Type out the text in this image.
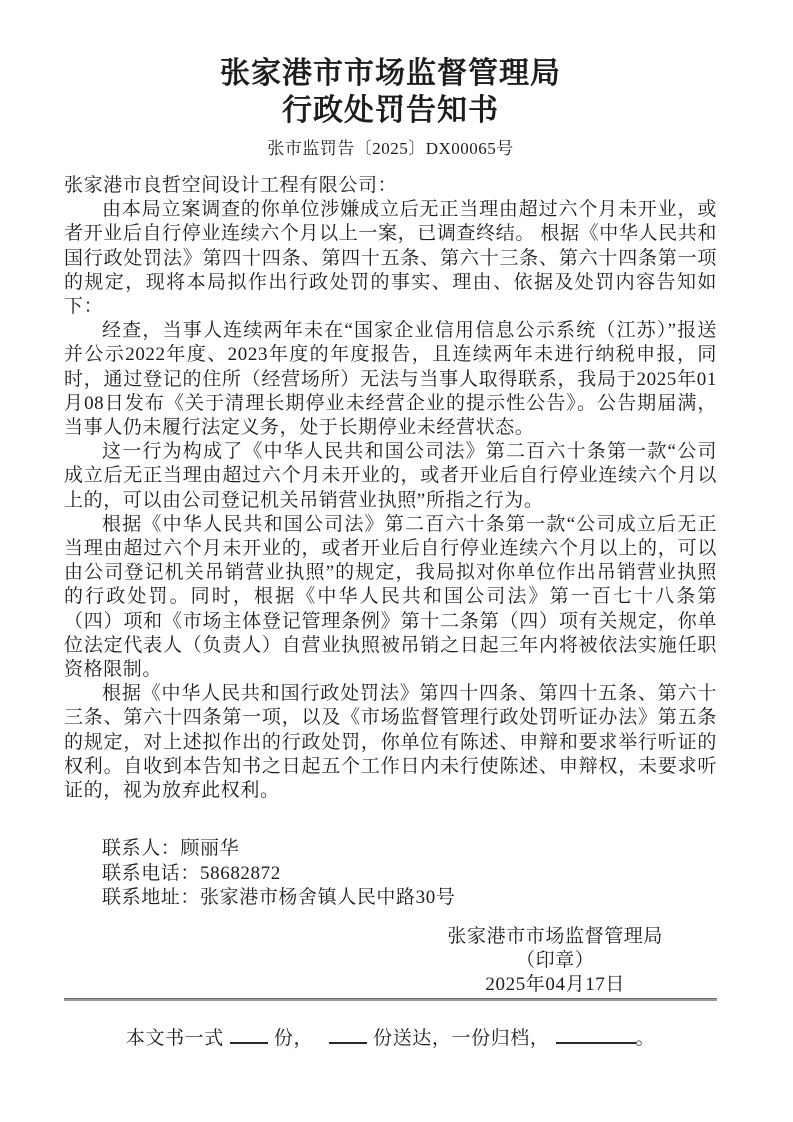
张家港市市场监督管理局
行政处罚告知书
张市监罚告〔2025〕DX00065号

张家港市良哲空间设计工程有限公司：

由本局立案调查的你单位涉嫌成立后无正当理由超过六个月未开业，或者开业后自行停业连续六个月以上一案，已调查终结。 根据《中华人民共和国行政处罚法》第四十四条、第四十五条、第六十三条、第六十四条第一项的规定，现将本局拟作出行政处罚的事实、理由、依据及处罚内容告知如下：

经查，当事人连续两年未在“国家企业信用信息公示系统（江苏）”报送并公示2022年度、2023年度的年度报告，且连续两年未进行纳税申报，同时，通过登记的住所（经营场所）无法与当事人取得联系，我局于2025年01月08日发布《关于清理长期停业未经营企业的提示性公告》。公告期届满，当事人仍未履行法定义务，处于长期停业未经营状态。

这一行为构成了《中华人民共和国公司法》第二百六十条第一款“公司成立后无正当理由超过六个月未开业的，或者开业后自行停业连续六个月以上的，可以由公司登记机关吊销营业执照”所指之行为。

根据《中华人民共和国公司法》第二百六十条第一款“公司成立后无正当理由超过六个月未开业的，或者开业后自行停业连续六个月以上的，可以由公司登记机关吊销营业执照”的规定，我局拟对你单位作出吊销营业执照的行政处罚。同时，根据《中华人民共和国公司法》第一百七十八条第（四）项和《市场主体登记管理条例》第十二条第（四）项有关规定，你单位法定代表人（负责人）自营业执照被吊销之日起三年内将被依法实施任职资格限制。

根据《中华人民共和国行政处罚法》第四十四条、第四十五条、第六十三条、第六十四条第一项，以及《市场监督管理行政处罚听证办法》第五条的规定，对上述拟作出的行政处罚，你单位有陈述、申辩和要求举行听证的权利。自收到本告知书之日起五个工作日内未行使陈述、申辩权，未要求听证的，视为放弃此权利。

联系人：顾丽华
联系电话：58682872
联系地址：张家港市杨舍镇人民中路30号
张家港市市场监督管理局
（印章）
2025年04月17日
本文书一式	份，	份送达，一份归档，	。
